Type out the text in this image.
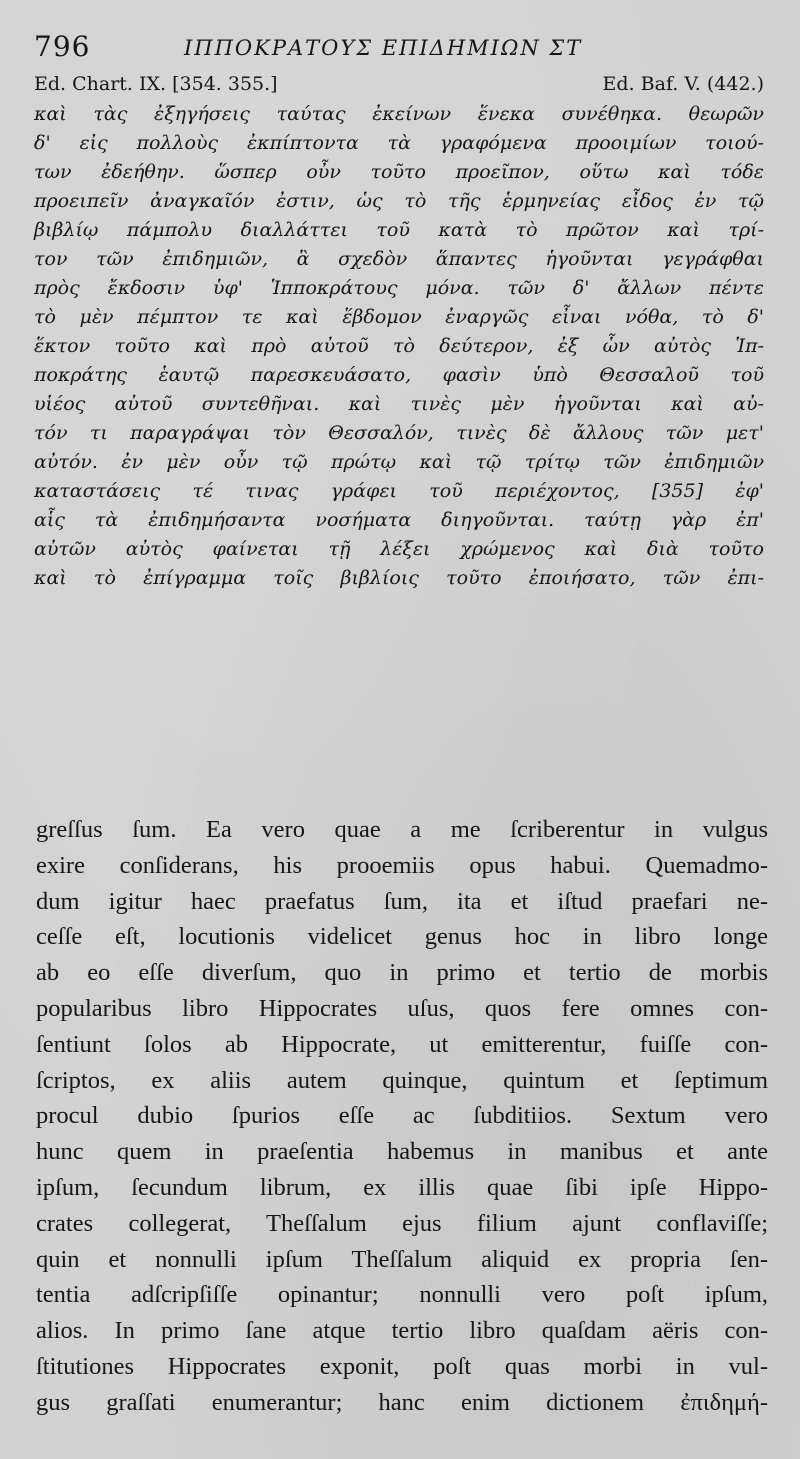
796	ΙΠΠΟΚΡΑΤΟΥΣ ΕΠΙΔΗΜΙΩΝ ΣΤ
Ed. Chart. IX. [354. 355.]	Ed. Baf. V. (442.)
καὶ τὰς ἐξηγήσεις ταύτας ἐκείνων ἕνεκα συνέθηκα. θεωρῶν
δ' εἰς πολλοὺς ἐκπίπτοντα τὰ γραφόμενα προοιμίων τοιού-
των ἐδεήθην. ὥσπερ οὖν τοῦτο προεῖπον, οὕτω καὶ τόδε
προειπεῖν ἀναγκαῖόν ἐστιν, ὡς τὸ τῆς ἑρμηνείας εἶδος ἐν τῷ
βιβλίῳ πάμπολυ διαλλάττει τοῦ κατὰ τὸ πρῶτον καὶ τρί-
τον τῶν ἐπιδημιῶν, ἃ σχεδὸν ἅπαντες ἡγοῦνται γεγράφθαι
πρὸς ἔκδοσιν ὑφ' Ἱπποκράτους μόνα. τῶν δ' ἄλλων πέντε
τὸ μὲν πέμπτον τε καὶ ἕβδομον ἐναργῶς εἶναι νόθα, τὸ δ'
ἕκτον τοῦτο καὶ πρὸ αὐτοῦ τὸ δεύτερον, ἐξ ὧν αὐτὸς Ἱπ-
ποκράτης ἑαυτῷ παρεσκευάσατο, φασὶν ὑπὸ Θεσσαλοῦ τοῦ
υἱέος αὐτοῦ συντεθῆναι. καὶ τινὲς μὲν ἡγοῦνται καὶ αὐ-
τόν τι παραγράψαι τὸν Θεσσαλόν, τινὲς δὲ ἄλλους τῶν μετ'
αὐτόν. ἐν μὲν οὖν τῷ πρώτῳ καὶ τῷ τρίτῳ τῶν ἐπιδημιῶν
καταστάσεις τέ τινας γράφει τοῦ περιέχοντος, [355] ἐφ'
αἷς τὰ ἐπιδημήσαντα νοσήματα διηγοῦνται. ταύτῃ γὰρ ἐπ'
αὐτῶν αὐτὸς φαίνεται τῇ λέξει χρώμενος καὶ διὰ τοῦτο
καὶ τὸ ἐπίγραμμα τοῖς βιβλίοις τοῦτο ἐποιήσατο, τῶν ἐπι-
greſſus ſum. Ea vero quae a me ſcriberentur in vulgus
exire conſiderans, his prooemiis opus habui. Quemadmo-
dum igitur haec praefatus ſum, ita et iſtud praefari ne-
ceſſe eſt, locutionis videlicet genus hoc in libro longe
ab eo eſſe diverſum, quo in primo et tertio de morbis
popularibus libro Hippocrates uſus, quos fere omnes con-
ſentiunt ſolos ab Hippocrate, ut emitterentur, fuiſſe con-
ſcriptos, ex aliis autem quinque, quintum et ſeptimum
procul dubio ſpurios eſſe ac ſubditiios. Sextum vero
hunc quem in praeſentia habemus in manibus et ante
ipſum, ſecundum librum, ex illis quae ſibi ipſe Hippo-
crates collegerat, Theſſalum ejus filium ajunt conflaviſſe;
quin et nonnulli ipſum Theſſalum aliquid ex propria ſen-
tentia adſcripſiſſe opinantur; nonnulli vero poſt ipſum,
alios. In primo ſane atque tertio libro quaſdam aëris con-
ſtitutiones Hippocrates exponit, poſt quas morbi in vul-
gus graſſati enumerantur; hanc enim dictionem ἐπιδημή-
